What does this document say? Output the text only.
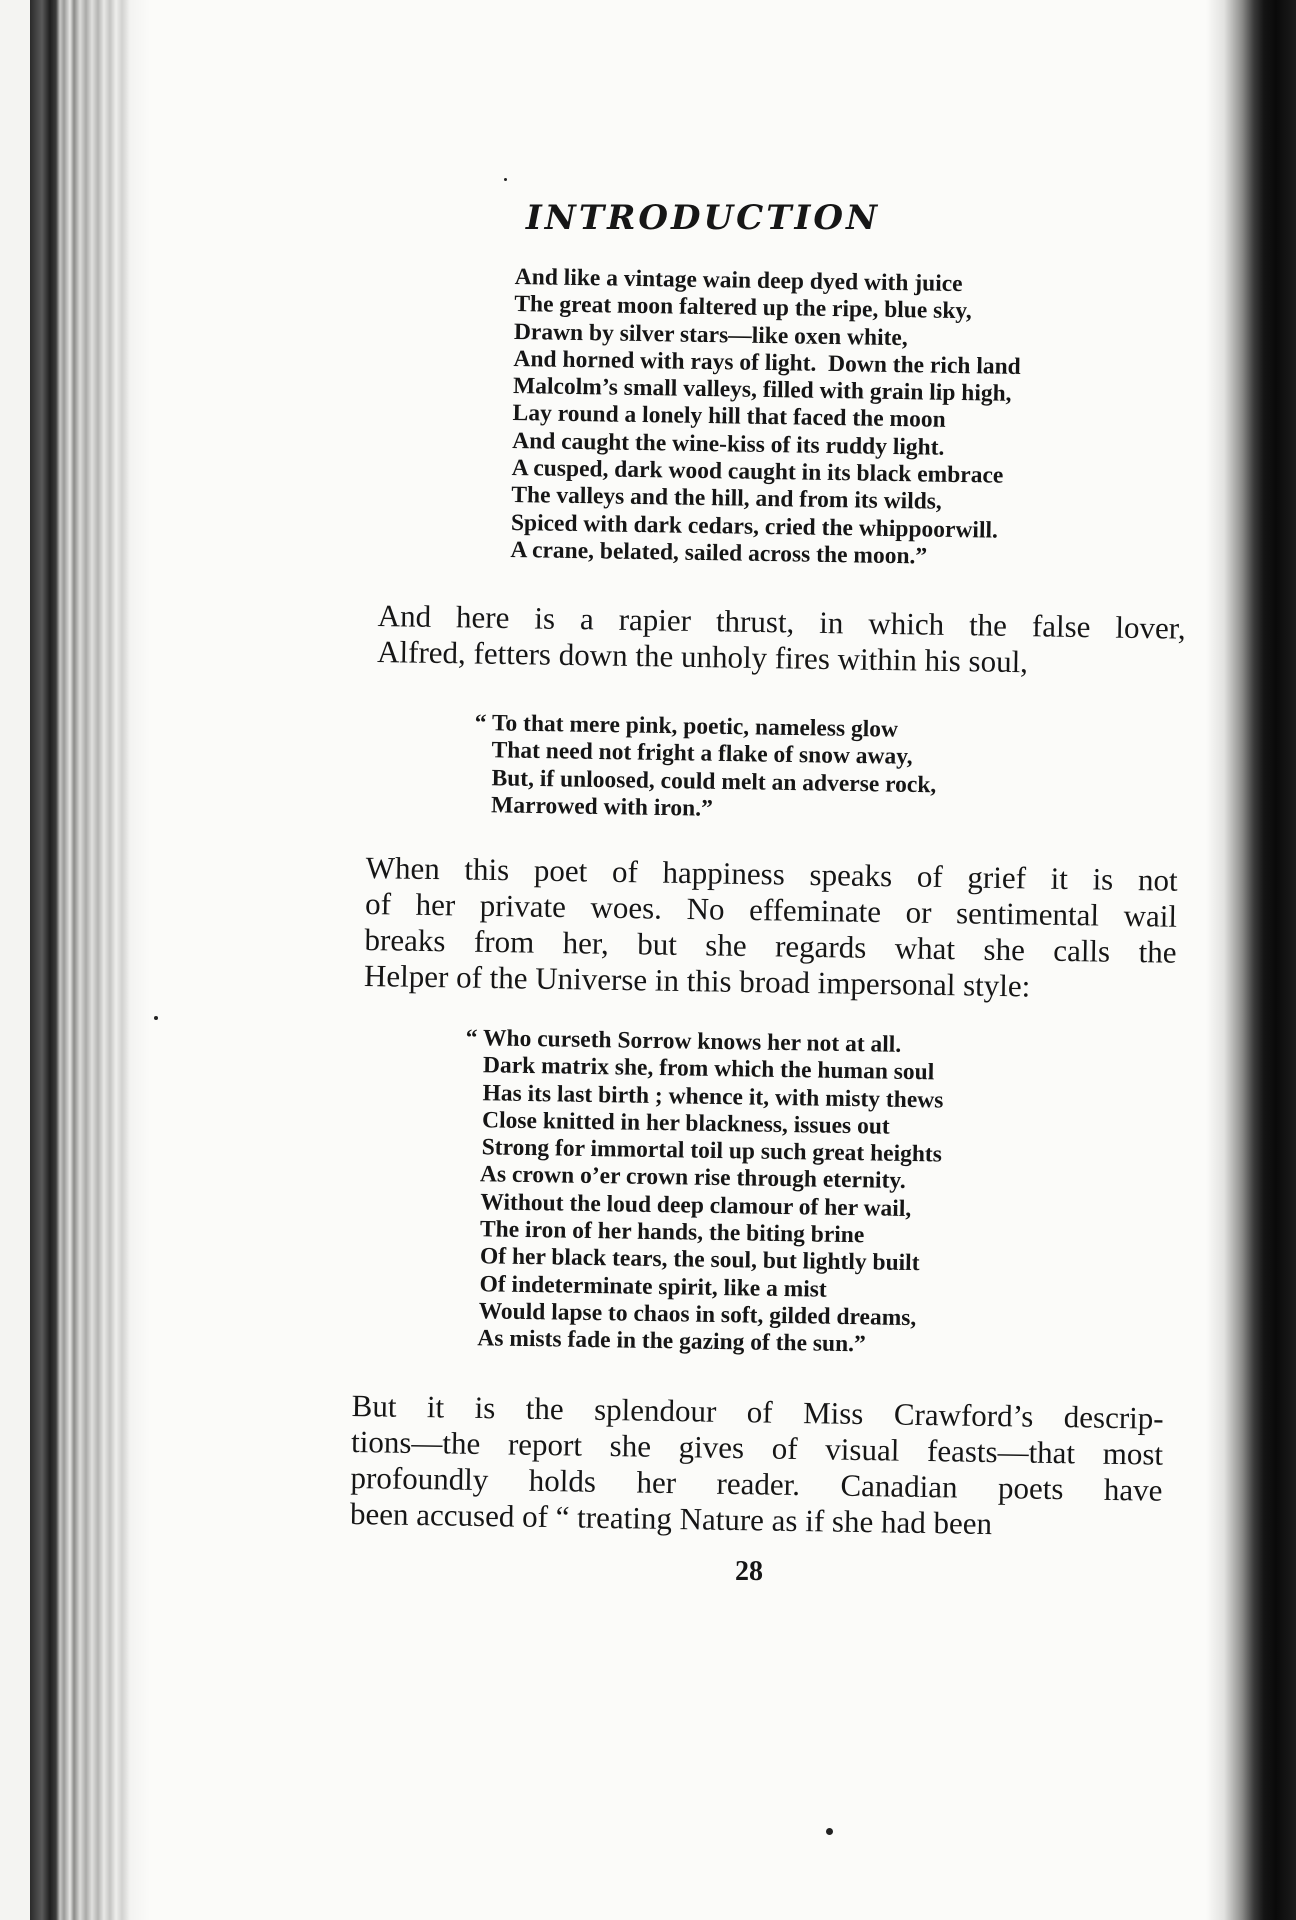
INTRODUCTION
And like a vintage wain deep dyed with juice
The great moon faltered up the ripe, blue sky,
Drawn by silver stars—like oxen white,
And horned with rays of light.  Down the rich land
Malcolm’s small valleys, filled with grain lip high,
Lay round a lonely hill that faced the moon
And caught the wine-kiss of its ruddy light.
A cusped, dark wood caught in its black embrace
The valleys and the hill, and from its wilds,
Spiced with dark cedars, cried the whippoorwill.
A crane, belated, sailed across the moon.”
And here is a rapier thrust, in which the false lover,
Alfred, fetters down the unholy fires within his soul,
“ To that mere pink, poetic, nameless glow
That need not fright a flake of snow away,
But, if unloosed, could melt an adverse rock,
Marrowed with iron.”
When this poet of happiness speaks of grief it is not
of her private woes. No effeminate or sentimental wail
breaks from her, but she regards what she calls the
Helper of the Universe in this broad impersonal style:
“ Who curseth Sorrow knows her not at all.
Dark matrix she, from which the human soul
Has its last birth ; whence it, with misty thews
Close knitted in her blackness, issues out
Strong for immortal toil up such great heights
As crown o’er crown rise through eternity.
Without the loud deep clamour of her wail,
The iron of her hands, the biting brine
Of her black tears, the soul, but lightly built
Of indeterminate spirit, like a mist
Would lapse to chaos in soft, gilded dreams,
As mists fade in the gazing of the sun.”
But it is the splendour of Miss Crawford’s descrip-
tions—the report she gives of visual feasts—that most
profoundly holds her reader. Canadian poets have
been accused of “ treating Nature as if she had been
28
